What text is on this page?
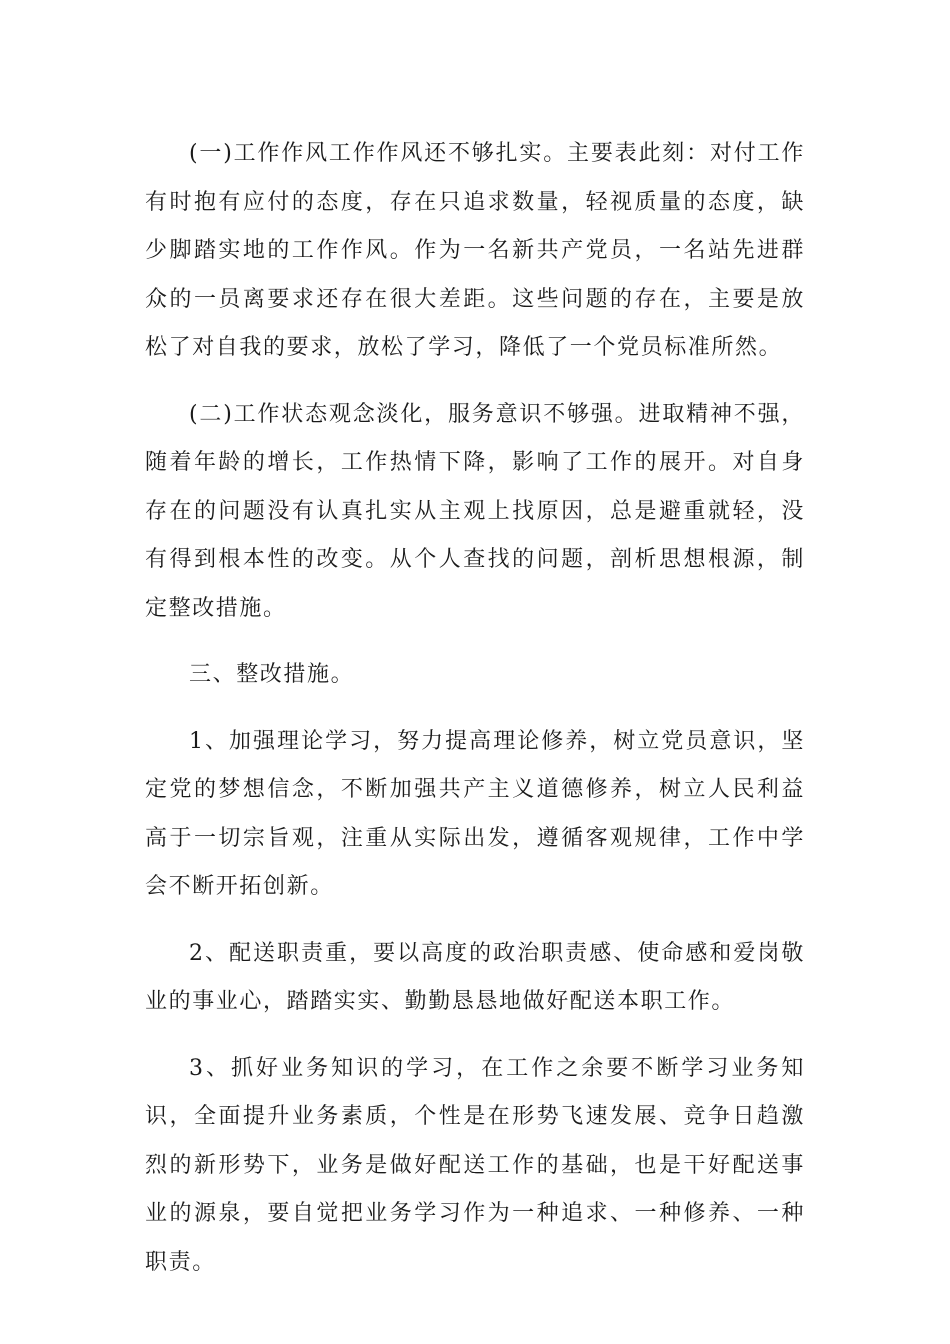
(一)工作作风工作作风还不够扎实。主要表此刻：对付工作有时抱有应付的态度，存在只追求数量，轻视质量的态度，缺少脚踏实地的工作作风。作为一名新共产党员，一名站先进群众的一员离要求还存在很大差距。这些问题的存在，主要是放松了对自我的要求，放松了学习，降低了一个党员标准所然。

(二)工作状态观念淡化，服务意识不够强。进取精神不强，随着年龄的增长，工作热情下降，影响了工作的展开。对自身存在的问题没有认真扎实从主观上找原因，总是避重就轻，没有得到根本性的改变。从个人查找的问题，剖析思想根源，制定整改措施。

三、整改措施。

1、加强理论学习，努力提高理论修养，树立党员意识，坚定党的梦想信念，不断加强共产主义道德修养，树立人民利益高于一切宗旨观，注重从实际出发，遵循客观规律，工作中学会不断开拓创新。

2、配送职责重，要以高度的政治职责感、使命感和爱岗敬业的事业心，踏踏实实、勤勤恳恳地做好配送本职工作。

3、抓好业务知识的学习，在工作之余要不断学习业务知识，全面提升业务素质，个性是在形势飞速发展、竞争日趋激烈的新形势下，业务是做好配送工作的基础，也是干好配送事业的源泉，要自觉把业务学习作为一种追求、一种修养、一种职责。
